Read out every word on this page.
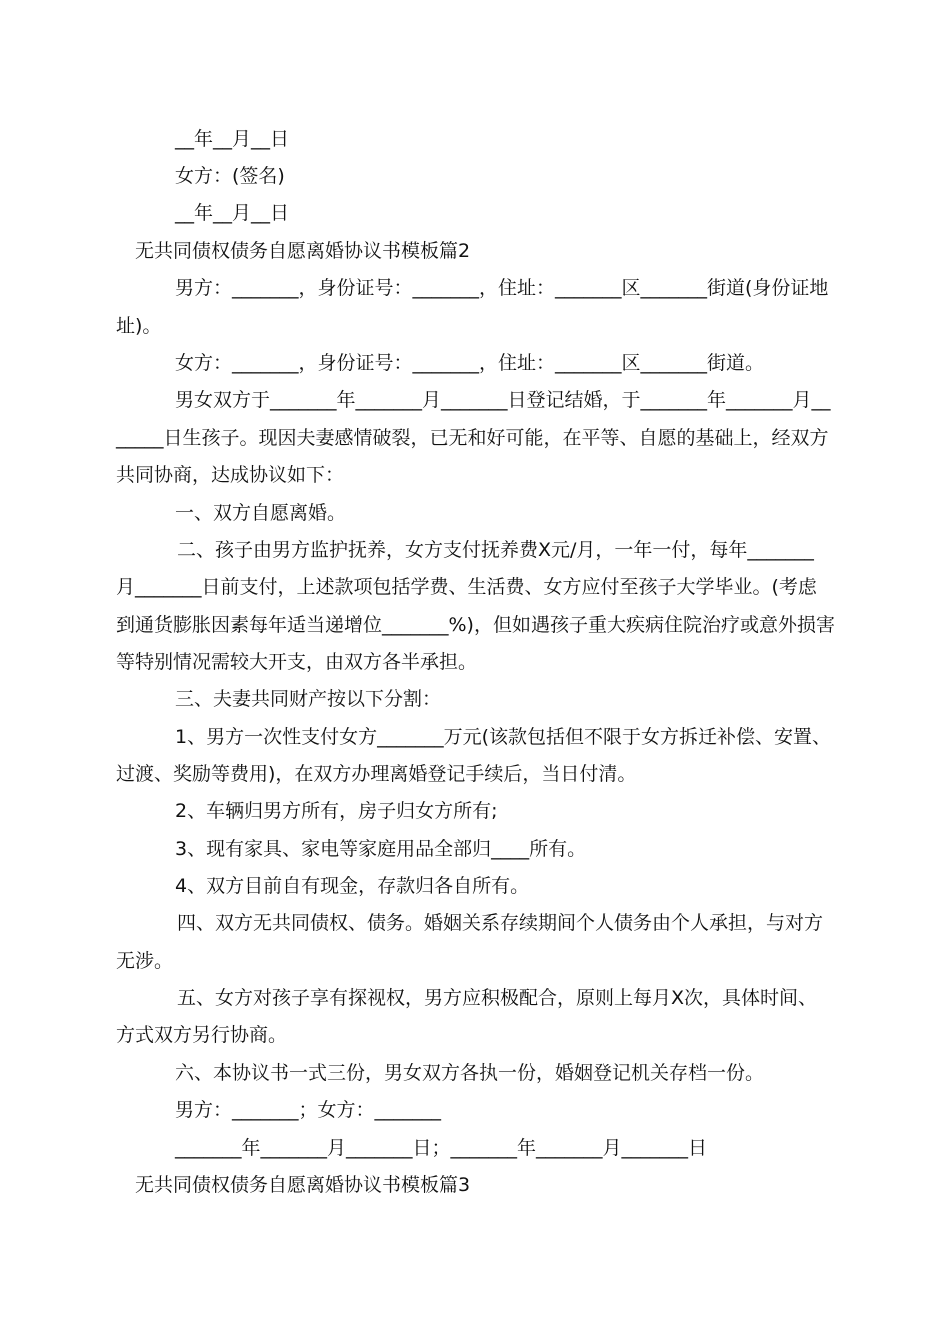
__年__月__日
女方：(签名)
__年__月__日
无共同债权债务自愿离婚协议书模板篇2
男方：_______，身份证号：_______，住址：_______区_______街道(身份证地
址)。
女方：_______，身份证号：_______，住址：_______区_______街道。
男女双方于_______年_______月_______日登记结婚，于_______年_______月__
_____日生孩子。现因夫妻感情破裂，已无和好可能，在平等、自愿的基础上，经双方
共同协商，达成协议如下：
一、双方自愿离婚。
二、孩子由男方监护抚养，女方支付抚养费X元/月，一年一付，每年_______
月_______日前支付，上述款项包括学费、生活费、女方应付至孩子大学毕业。(考虑
到通货膨胀因素每年适当递增位_______%)，但如遇孩子重大疾病住院治疗或意外损害
等特别情况需较大开支，由双方各半承担。
三、夫妻共同财产按以下分割：
1、男方一次性支付女方_______万元(该款包括但不限于女方拆迁补偿、安置、
过渡、奖励等费用)，在双方办理离婚登记手续后，当日付清。
2、车辆归男方所有，房子归女方所有;
3、现有家具、家电等家庭用品全部归____所有。
4、双方目前自有现金，存款归各自所有。
四、双方无共同债权、债务。婚姻关系存续期间个人债务由个人承担，与对方
无涉。
五、女方对孩子享有探视权，男方应积极配合，原则上每月X次，具体时间、
方式双方另行协商。
六、本协议书一式三份，男女双方各执一份，婚姻登记机关存档一份。
男方：_______；女方：_______
_______年_______月_______日；_______年_______月_______日
无共同债权债务自愿离婚协议书模板篇3
